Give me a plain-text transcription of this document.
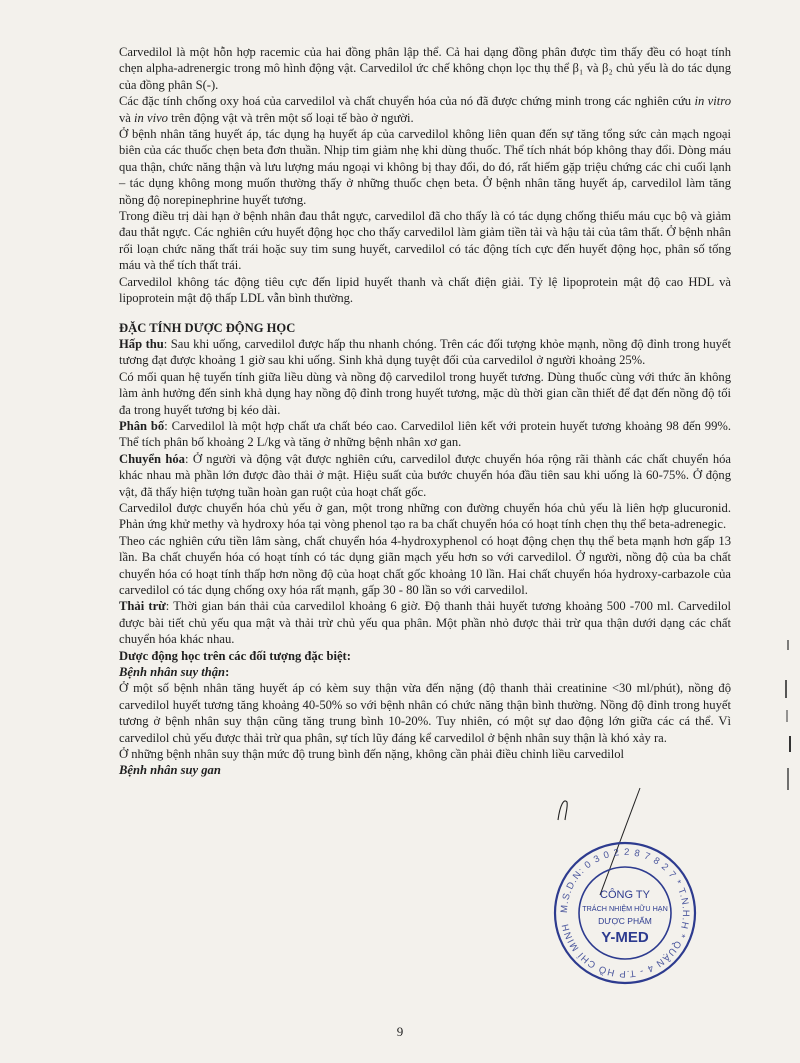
Carvedilol là một hỗn hợp racemic của hai đồng phân lập thể. Cả hai dạng đồng phân được tìm thấy đều có hoạt tính chẹn alpha-adrenergic trong mô hình động vật. Carvedilol ức chế không chọn lọc thụ thể β₁ và β₂ chủ yếu là do tác dụng của đồng phân S(-).

Các đặc tính chống oxy hoá của carvedilol và chất chuyển hóa của nó đã được chứng minh trong các nghiên cứu in vitro và in vivo trên động vật và trên một số loại tế bào ở người.

Ở bệnh nhân tăng huyết áp, tác dụng hạ huyết áp của carvedilol không liên quan đến sự tăng tổng sức cản mạch ngoại biên của các thuốc chẹn beta đơn thuần. Nhịp tim giảm nhẹ khi dùng thuốc. Thể tích nhát bóp không thay đổi. Dòng máu qua thận, chức năng thận và lưu lượng máu ngoại vi không bị thay đổi, do đó, rất hiếm gặp triệu chứng các chi cuối lạnh – tác dụng không mong muốn thường thấy ở những thuốc chẹn beta. Ở bệnh nhân tăng huyết áp, carvedilol làm tăng nồng độ norepinephrine huyết tương.

Trong điều trị dài hạn ở bệnh nhân đau thắt ngực, carvedilol đã cho thấy là có tác dụng chống thiếu máu cục bộ và giảm đau thắt ngực. Các nghiên cứu huyết động học cho thấy carvedilol làm giảm tiền tải và hậu tải của tâm thất. Ở bệnh nhân rối loạn chức năng thất trái hoặc suy tim sung huyết, carvedilol có tác động tích cực đến huyết động học, phân số tống máu và thể tích thất trái.

Carvedilol không tác động tiêu cực đến lipid huyết thanh và chất điện giải. Tỷ lệ lipoprotein mật độ cao HDL và lipoprotein mật độ thấp LDL vẫn bình thường.

ĐẶC TÍNH DƯỢC ĐỘNG HỌC

Hấp thu: Sau khi uống, carvedilol được hấp thu nhanh chóng. Trên các đối tượng khỏe mạnh, nồng độ đỉnh trong huyết tương đạt được khoảng 1 giờ sau khi uống. Sinh khả dụng tuyệt đối của carvedilol ở người khoảng 25%.

Có mối quan hệ tuyến tính giữa liều dùng và nồng độ carvedilol trong huyết tương. Dùng thuốc cùng với thức ăn không làm ảnh hưởng đến sinh khả dụng hay nồng độ đỉnh trong huyết tương, mặc dù thời gian cần thiết để đạt đến nồng độ tối đa trong huyết tương bị kéo dài.

Phân bố: Carvedilol là một hợp chất ưa chất béo cao. Carvedilol liên kết với protein huyết tương khoảng 98 đến 99%. Thể tích phân bố khoảng 2 L/kg và tăng ở những bệnh nhân xơ gan.

Chuyển hóa: Ở người và động vật được nghiên cứu, carvedilol được chuyển hóa rộng rãi thành các chất chuyển hóa khác nhau mà phần lớn được đào thải ở mật. Hiệu suất của bước chuyển hóa đầu tiên sau khi uống là 60-75%. Ở động vật, đã thấy hiện tượng tuần hoàn gan ruột của hoạt chất gốc.

Carvedilol được chuyển hóa chủ yếu ở gan, một trong những con đường chuyển hóa chủ yếu là liên hợp glucuronid. Phản ứng khử methy và hydroxy hóa tại vòng phenol tạo ra ba chất chuyển hóa có hoạt tính chẹn thụ thể beta-adrenegic.

Theo các nghiên cứu tiền lâm sàng, chất chuyển hóa 4-hydroxyphenol có hoạt động chẹn thụ thể beta mạnh hơn gấp 13 lần. Ba chất chuyển hóa có hoạt tính có tác dụng giãn mạch yếu hơn so với carvedilol. Ở người, nồng độ của ba chất chuyển hóa có hoạt tính thấp hơn nồng độ của hoạt chất gốc khoảng 10 lần. Hai chất chuyển hóa hydroxy-carbazole của carvedilol có tác dụng chống oxy hóa rất mạnh, gấp 30 - 80 lần so với carvedilol.

Thải trừ: Thời gian bán thải của carvedilol khoảng 6 giờ. Độ thanh thải huyết tương khoảng 500 -700 ml. Carvedilol được bài tiết chủ yếu qua mật và thải trừ chủ yếu qua phân. Một phần nhỏ được thải trừ qua thận dưới dạng các chất chuyển hóa khác nhau.

Dược động học trên các đối tượng đặc biệt:

Bệnh nhân suy thận:

Ở một số bệnh nhân tăng huyết áp có kèm suy thận vừa đến nặng (độ thanh thải creatinine <30 ml/phút), nồng độ carvedilol huyết tương tăng khoảng 40-50% so với bệnh nhân có chức năng thận bình thường. Nồng độ đỉnh trong huyết tương ở bệnh nhân suy thận cũng tăng trung bình 10-20%. Tuy nhiên, có một sự dao động lớn giữa các cá thể. Vì carvedilol chủ yếu được thải trừ qua phân, sự tích lũy đáng kể carvedilol ở bệnh nhân suy thận là khó xảy ra.

Ở những bệnh nhân suy thận mức độ trung bình đến nặng, không cần phải điều chỉnh liều carvedilol

Bệnh nhân suy gan

M.S.D.N: 0 3 0 2 2 8 7 8 2 7 * T.N.H.H * QUẬN 4 - T.P HỒ CHÍ MINH
CÔNG TY
TRÁCH NHIỆM HỮU HẠN
DƯỢC PHẨM
Y-MED
9
